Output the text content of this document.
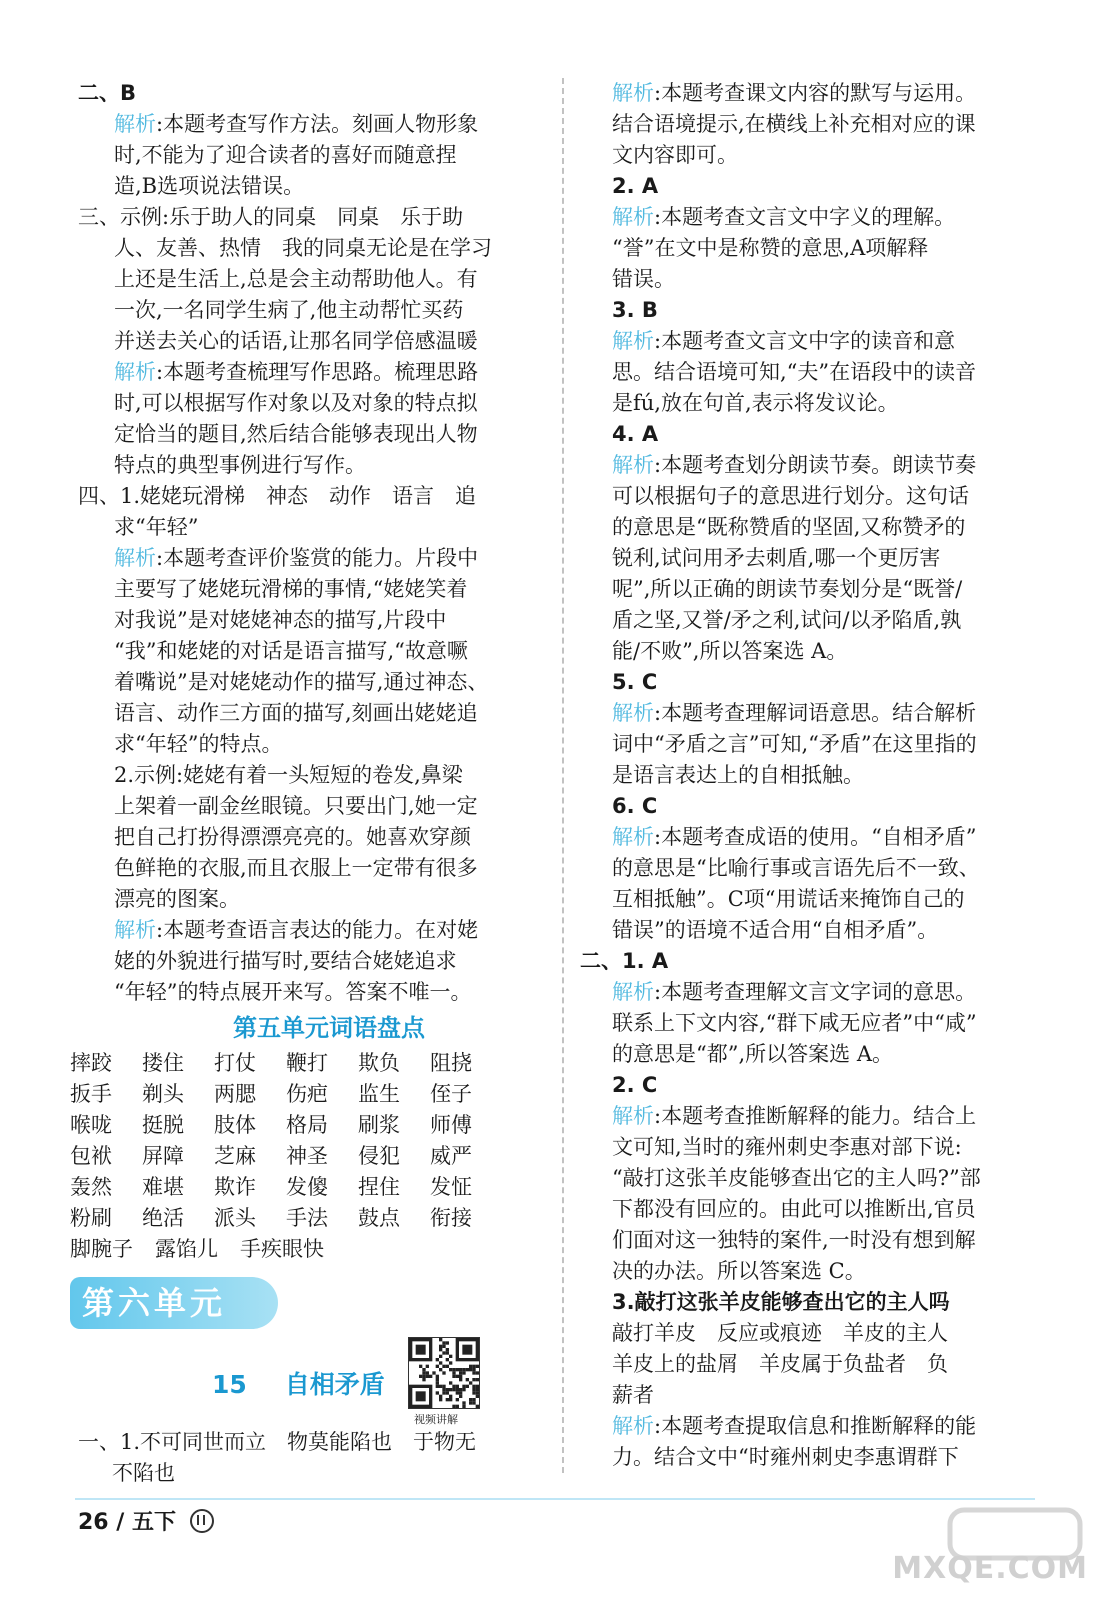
二、B
解析:本题考查写作方法。刻画人物形象
时,不能为了迎合读者的喜好而随意捏
造,B选项说法错误。
三、示例:乐于助人的同桌　同桌　乐于助
人、友善、热情　我的同桌无论是在学习
上还是生活上,总是会主动帮助他人。有
一次,一名同学生病了,他主动帮忙买药
并送去关心的话语,让那名同学倍感温暖
解析:本题考查梳理写作思路。梳理思路
时,可以根据写作对象以及对象的特点拟
定恰当的题目,然后结合能够表现出人物
特点的典型事例进行写作。
四、1.姥姥玩滑梯　神态　动作　语言　追
求“年轻”
解析:本题考查评价鉴赏的能力。片段中
主要写了姥姥玩滑梯的事情,“姥姥笑着
对我说”是对姥姥神态的描写,片段中
“我”和姥姥的对话是语言描写,“故意噘
着嘴说”是对姥姥动作的描写,通过神态、
语言、动作三方面的描写,刻画出姥姥追
求“年轻”的特点。
2.示例:姥姥有着一头短短的卷发,鼻梁
上架着一副金丝眼镜。只要出门,她一定
把自己打扮得漂漂亮亮的。她喜欢穿颜
色鲜艳的衣服,而且衣服上一定带有很多
漂亮的图案。
解析:本题考查语言表达的能力。在对姥
姥的外貌进行描写时,要结合姥姥追求
“年轻”的特点展开来写。答案不唯一。
第五单元词语盘点
摔跤	搂住	打仗	鞭打	欺负	阻挠
扳手	剃头	两腮	伤疤	监生	侄子
喉咙	挺脱	肢体	格局	刷浆	师傅
包袱	屏障	芝麻	神圣	侵犯	威严
轰然	难堪	欺诈	发傻	捏住	发怔
粉刷	绝活	派头	手法	鼓点	衔接
脚腕子 露馅儿 手疾眼快
第六单元
15 自相矛盾
视频讲解
一、1.不可同世而立　物莫能陷也　于物无
不陷也
解析:本题考查课文内容的默写与运用。
结合语境提示,在横线上补充相对应的课
文内容即可。
2. A
解析:本题考查文言文中字义的理解。
“誉”在文中是称赞的意思,A项解释
错误。
3. B
解析:本题考查文言文中字的读音和意
思。结合语境可知,“夫”在语段中的读音
是fú,放在句首,表示将发议论。
4. A
解析:本题考查划分朗读节奏。朗读节奏
可以根据句子的意思进行划分。这句话
的意思是“既称赞盾的坚固,又称赞矛的
锐利,试问用矛去刺盾,哪一个更厉害
呢”,所以正确的朗读节奏划分是“既誉/
盾之坚,又誉/矛之利,试问/以矛陷盾,孰
能/不败”,所以答案选 A。
5. C
解析:本题考查理解词语意思。结合解析
词中“矛盾之言”可知,“矛盾”在这里指的
是语言表达上的自相抵触。
6. C
解析:本题考查成语的使用。“自相矛盾”
的意思是“比喻行事或言语先后不一致、
互相抵触”。C项“用谎话来掩饰自己的
错误”的语境不适合用“自相矛盾”。
二、1. A
解析:本题考查理解文言文字词的意思。
联系上下文内容,“群下咸无应者”中“咸”
的意思是“都”,所以答案选 A。
2. C
解析:本题考查推断解释的能力。结合上
文可知,当时的雍州刺史李惠对部下说:
“敲打这张羊皮能够查出它的主人吗?”部
下都没有回应的。由此可以推断出,官员
们面对这一独特的案件,一时没有想到解
决的办法。所以答案选 C。
3.敲打这张羊皮能够查出它的主人吗
敲打羊皮　反应或痕迹　羊皮的主人
羊皮上的盐屑　羊皮属于负盐者　负
薪者
解析:本题考查提取信息和推断解释的能
力。结合文中“时雍州刺史李惠谓群下
26 / 五下
MXQE.COM
